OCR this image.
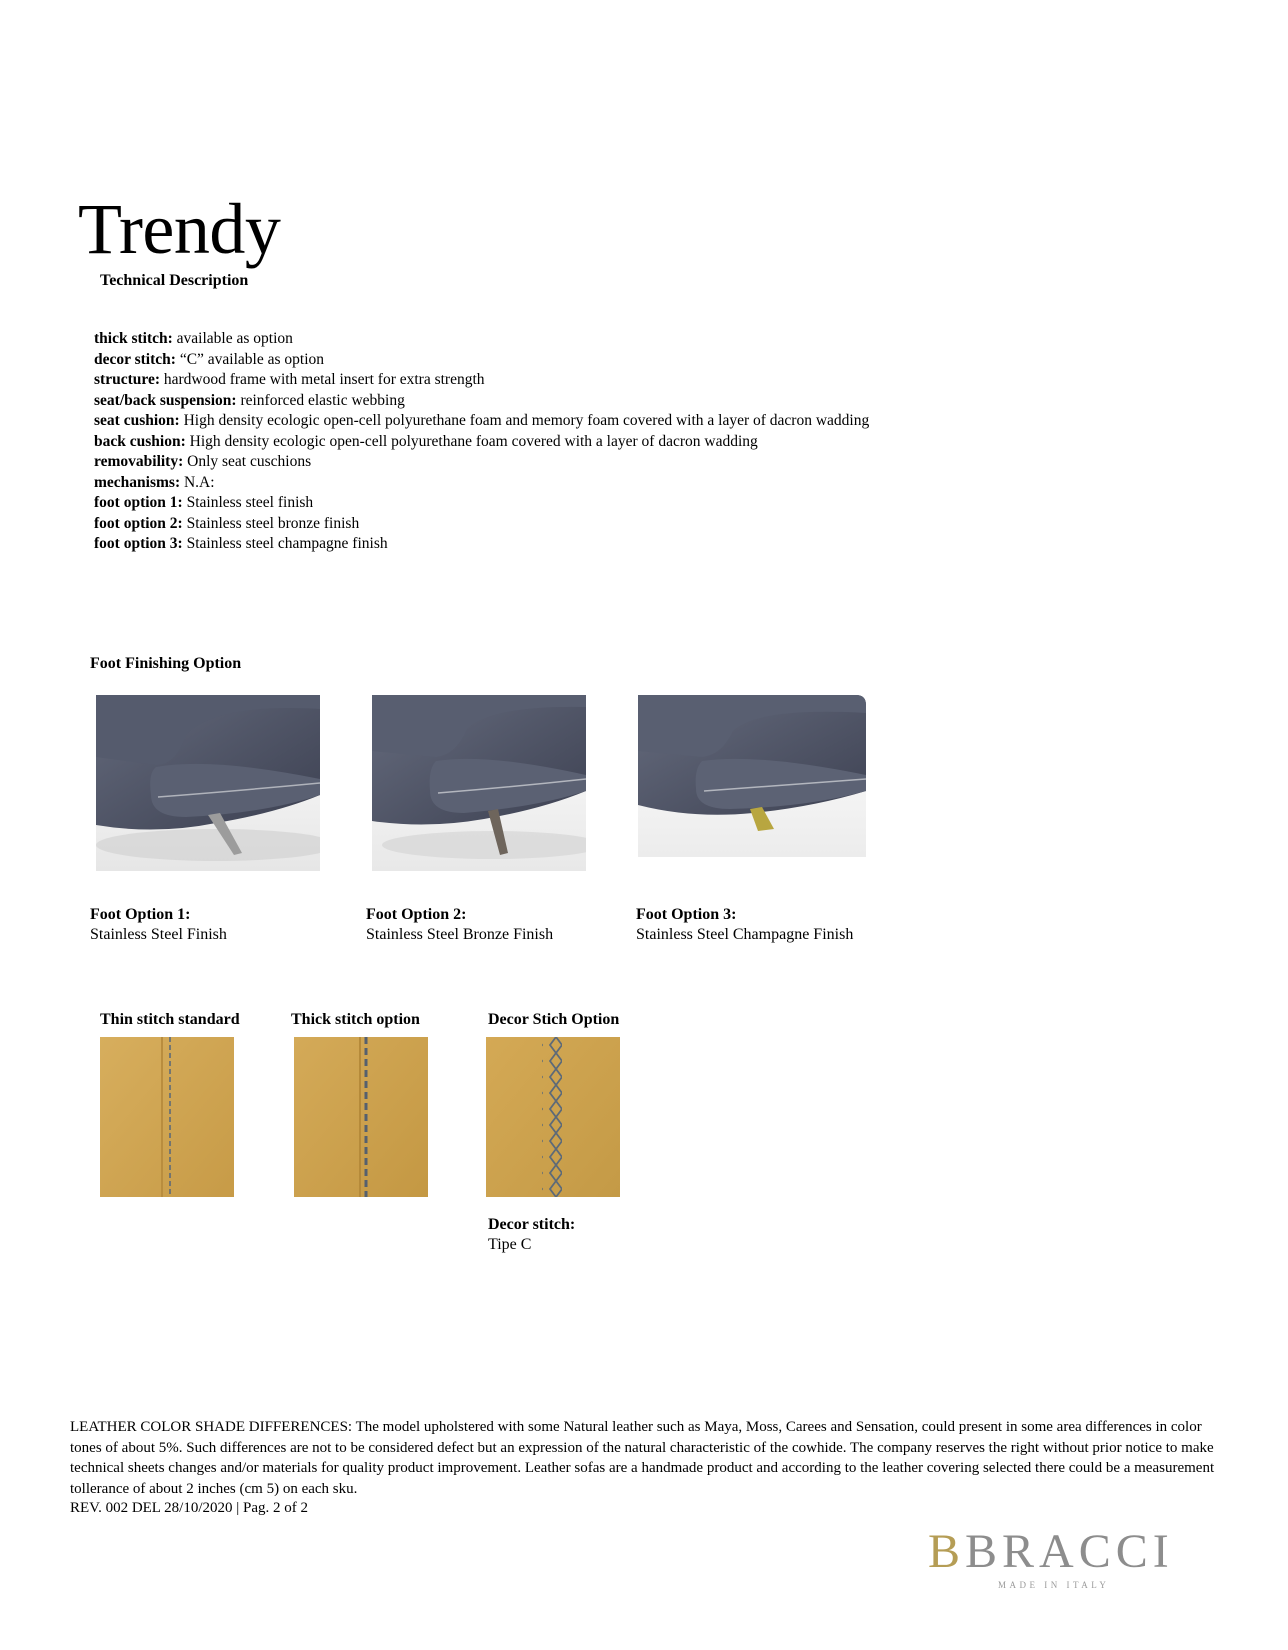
Trendy
Technical Description
thick stitch: available as option
decor stitch: “C” available as option
structure: hardwood frame with metal insert for extra strength
seat/back suspension: reinforced elastic webbing
seat cushion: High density ecologic open-cell polyurethane foam and memory foam covered with a layer of dacron wadding
back cushion: High density ecologic open-cell polyurethane foam covered with a layer of dacron wadding
removability: Only seat cuschions
mechanisms: N.A:
foot option 1: Stainless steel finish
foot option 2: Stainless steel bronze finish
foot option 3: Stainless steel champagne finish
Foot Finishing Option
Foot Option 1:
Stainless Steel Finish
Foot Option 2:
Stainless Steel Bronze Finish
Foot Option 3:
Stainless Steel Champagne Finish
Thin stitch standard	Thick stitch option	Decor Stich Option
Decor stitch:
Tipe C
LEATHER COLOR SHADE DIFFERENCES: The model upholstered with some Natural leather such as Maya, Moss, Carees and Sensation, could present in some area differences in color tones of about 5%. Such differences are not to be considered defect but an expression of the natural characteristic of the cowhide. The company reserves the right without prior notice to make technical sheets changes and/or materials for quality product improvement. Leather sofas are a handmade product and according to the leather covering selected there could be a measurement tollerance of about 2 inches (cm 5) on each sku.
REV. 002 DEL 28/10/2020 | Pag. 2 of 2
BBRACCI
MADE IN ITALY
